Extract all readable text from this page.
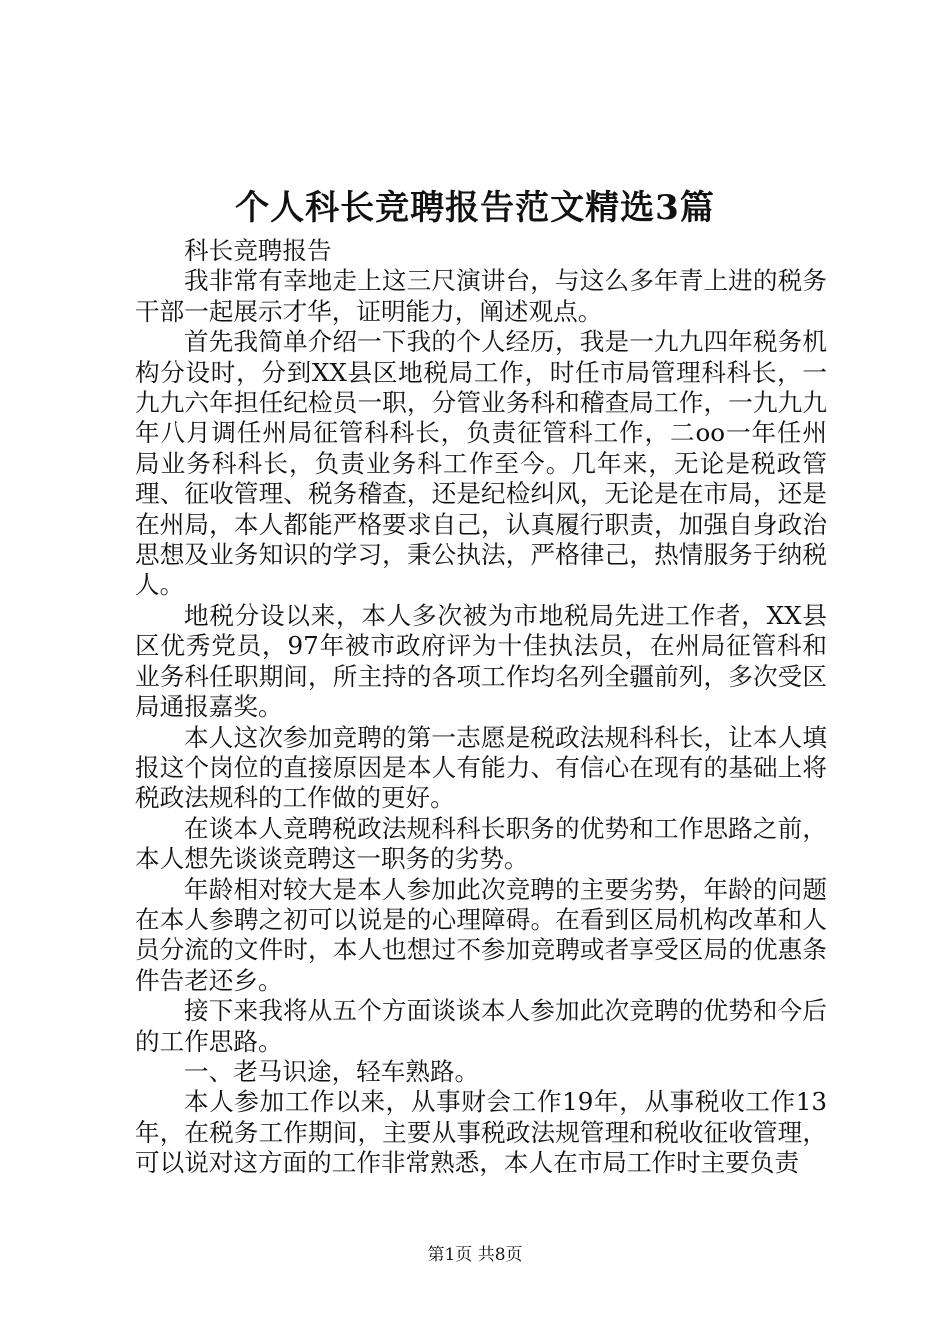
个人科长竞聘报告范文精选3篇

科长竞聘报告

我非常有幸地走上这三尺演讲台，与这么多年青上进的税务干部一起展示才华，证明能力，阐述观点。

首先我简单介绍一下我的个人经历，我是一九九四年税务机构分设时，分到XX县区地税局工作，时任市局管理科科长，一九九六年担任纪检员一职，分管业务科和稽查局工作，一九九九年八月调任州局征管科科长，负责征管科工作，二oo一年任州局业务科科长，负责业务科工作至今。几年来，无论是税政管理、征收管理、税务稽查，还是纪检纠风，无论是在市局，还是在州局，本人都能严格要求自己，认真履行职责，加强自身政治思想及业务知识的学习，秉公执法，严格律己，热情服务于纳税人。

地税分设以来，本人多次被为市地税局先进工作者，XX县区优秀党员，97年被市政府评为十佳执法员，在州局征管科和业务科任职期间，所主持的各项工作均名列全疆前列，多次受区局通报嘉奖。

本人这次参加竞聘的第一志愿是税政法规科科长，让本人填报这个岗位的直接原因是本人有能力、有信心在现有的基础上将税政法规科的工作做的更好。

在谈本人竞聘税政法规科科长职务的优势和工作思路之前，本人想先谈谈竞聘这一职务的劣势。

年龄相对较大是本人参加此次竞聘的主要劣势，年龄的问题在本人参聘之初可以说是的心理障碍。在看到区局机构改革和人员分流的文件时，本人也想过不参加竞聘或者享受区局的优惠条件告老还乡。

接下来我将从五个方面谈谈本人参加此次竞聘的优势和今后的工作思路。

一、老马识途，轻车熟路。

本人参加工作以来，从事财会工作19年，从事税收工作13年，在税务工作期间，主要从事税政法规管理和税收征收管理，可以说对这方面的工作非常熟悉，本人在市局工作时主要负责

第1页 共8页
